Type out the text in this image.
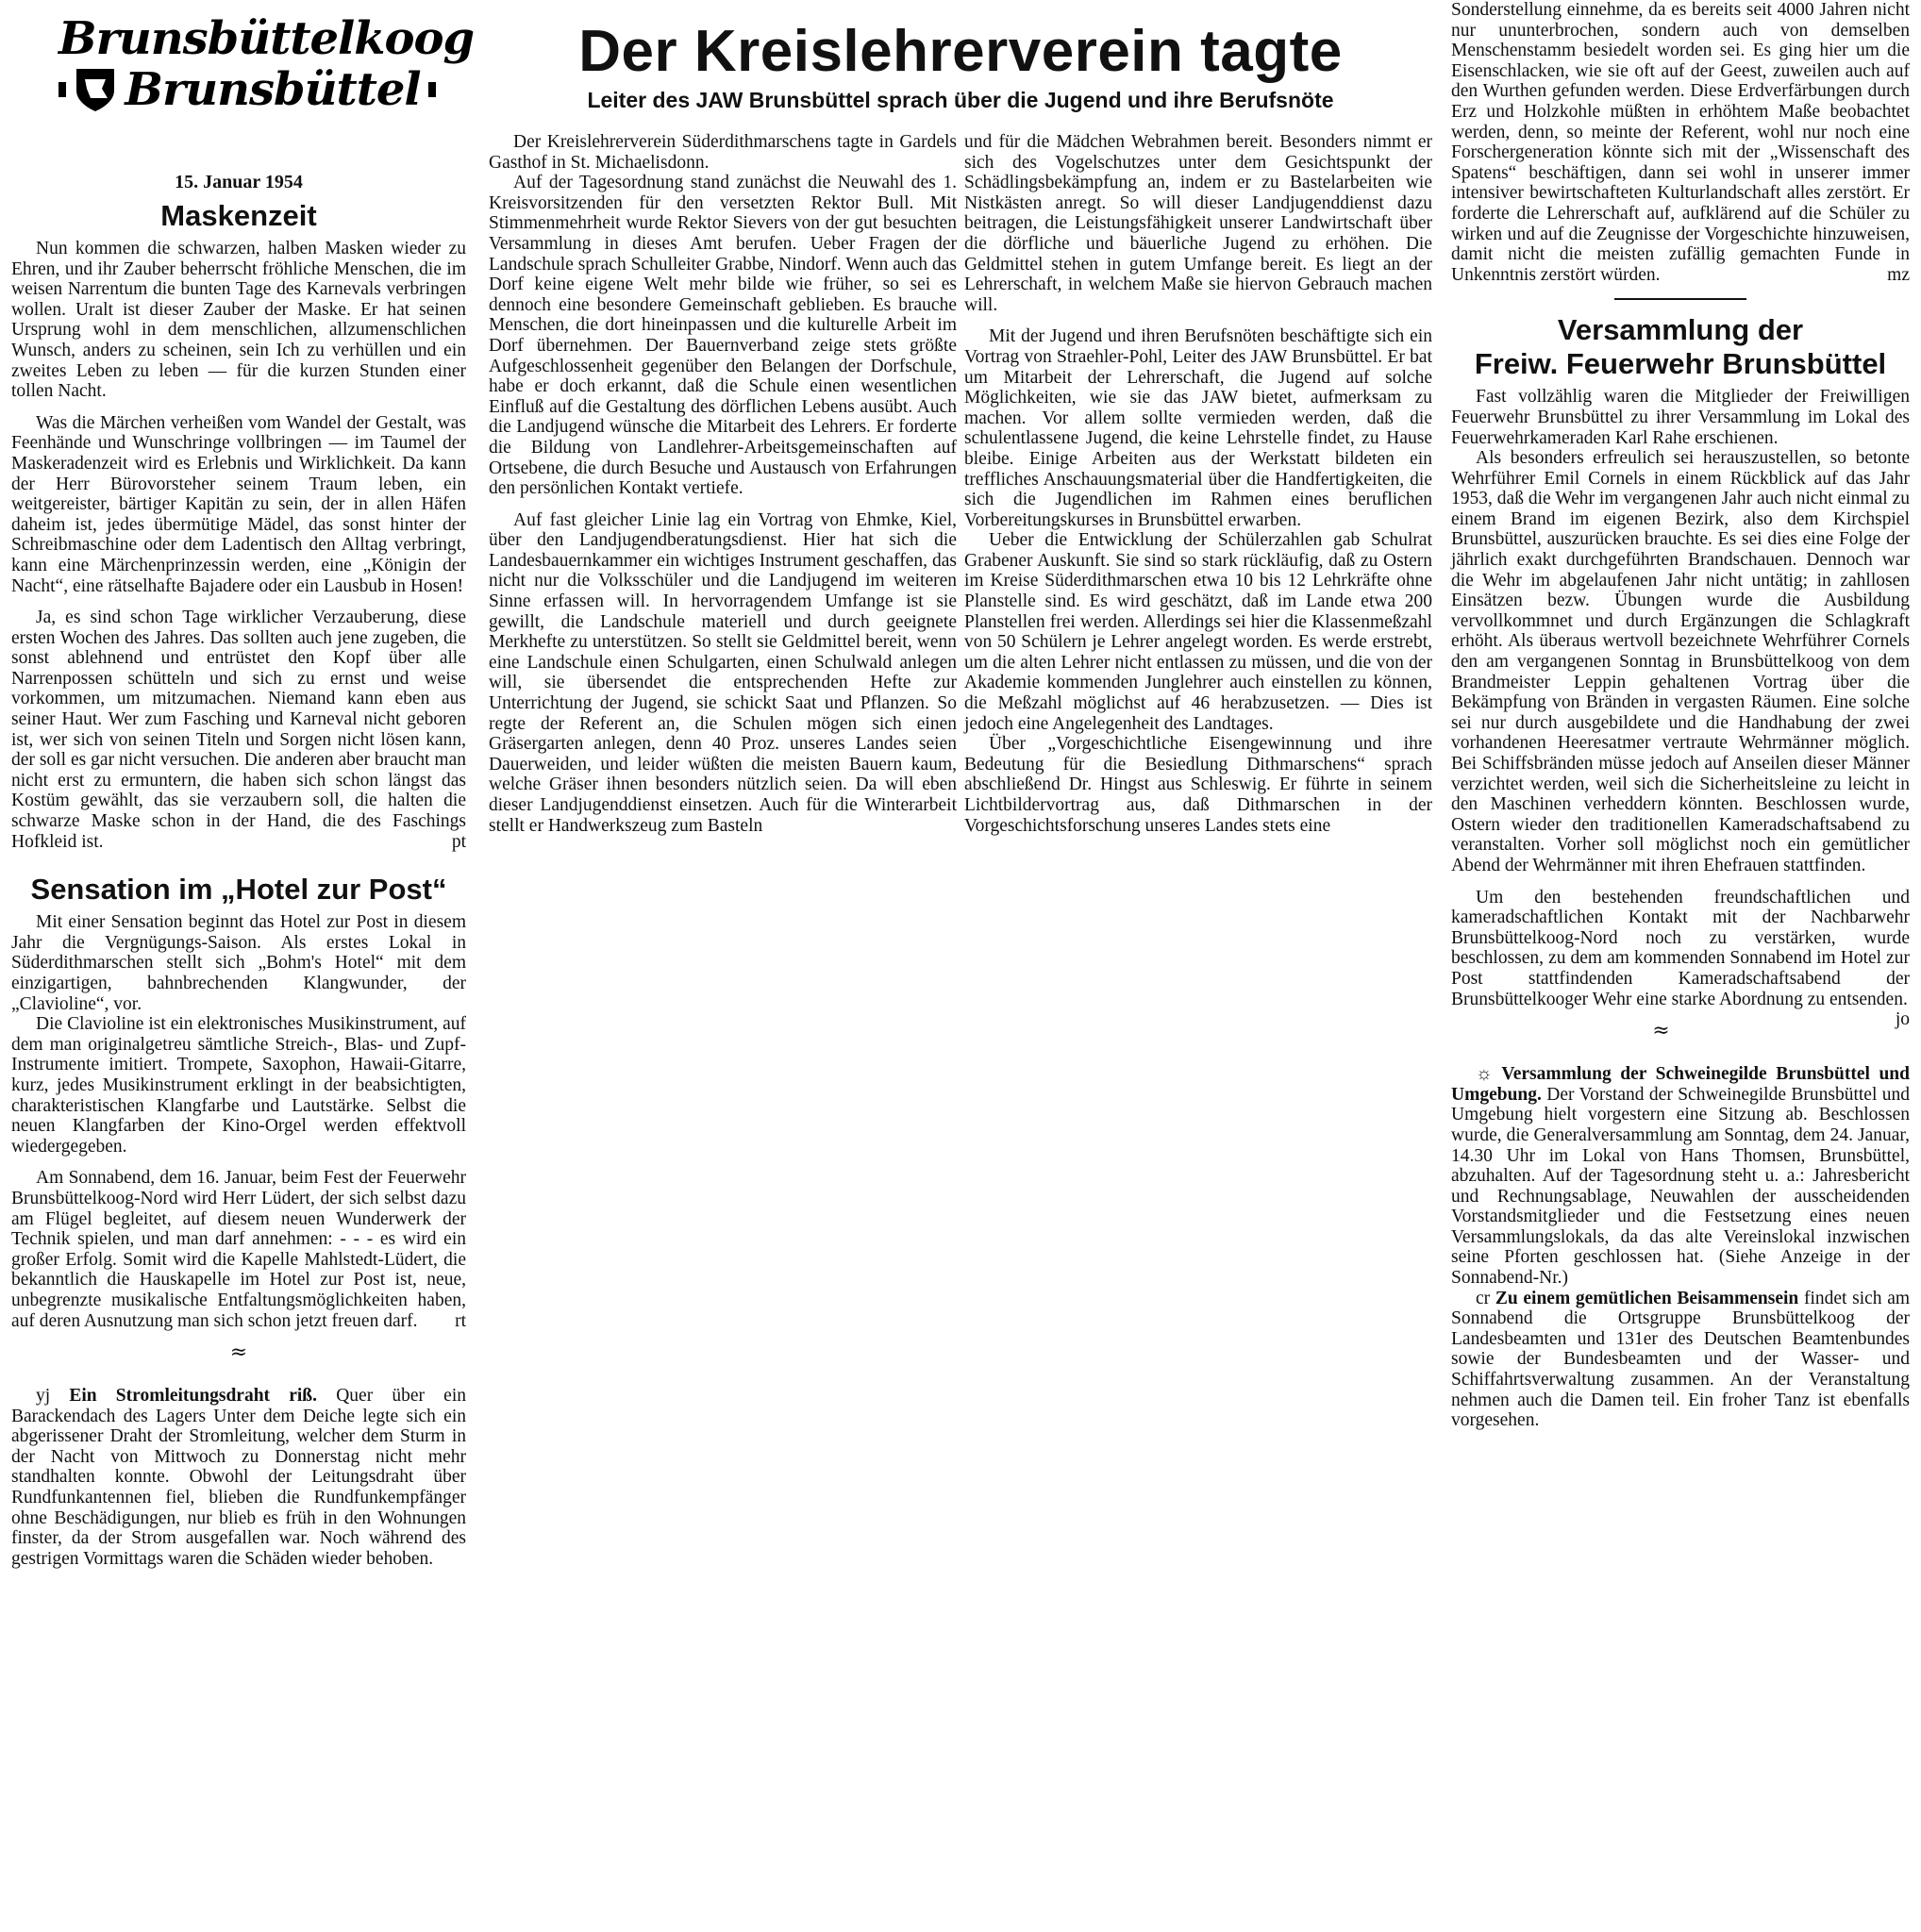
Brunsbüttelkoog
Brunsbüttel
15. Januar 1954
Maskenzeit

Nun kommen die schwarzen, halben Masken wieder zu Ehren, und ihr Zauber beherrscht fröhliche Menschen, die im weisen Narrentum die bunten Tage des Karnevals verbringen wollen. Uralt ist dieser Zauber der Maske. Er hat seinen Ursprung wohl in dem menschlichen, allzumenschlichen Wunsch, anders zu scheinen, sein Ich zu verhüllen und ein zweites Leben zu leben — für die kurzen Stunden einer tollen Nacht.

Was die Märchen verheißen vom Wandel der Gestalt, was Feenhände und Wunschringe vollbringen — im Taumel der Maskeradenzeit wird es Erlebnis und Wirklichkeit. Da kann der Herr Bürovorsteher seinem Traum leben, ein weitgereister, bärtiger Kapitän zu sein, der in allen Häfen daheim ist, jedes übermütige Mädel, das sonst hinter der Schreibmaschine oder dem Ladentisch den Alltag verbringt, kann eine Märchenprinzessin werden, eine „Königin der Nacht“, eine rätselhafte Bajadere oder ein Lausbub in Hosen!

Ja, es sind schon Tage wirklicher Verzauberung, diese ersten Wochen des Jahres. Das sollten auch jene zugeben, die sonst ablehnend und entrüstet den Kopf über alle Narrenpossen schütteln und sich zu ernst und weise vorkommen, um mitzumachen. Niemand kann eben aus seiner Haut. Wer zum Fasching und Karneval nicht geboren ist, wer sich von seinen Titeln und Sorgen nicht lösen kann, der soll es gar nicht versuchen. Die anderen aber braucht man nicht erst zu ermuntern, die haben sich schon längst das Kostüm gewählt, das sie verzaubern soll, die halten die schwarze Maske schon in der Hand, die des Faschings Hofkleid ist.	pt

Sensation im „Hotel zur Post“

Mit einer Sensation beginnt das Hotel zur Post in diesem Jahr die Vergnügungs-Saison. Als erstes Lokal in Süderdithmarschen stellt sich „Bohm's Hotel“ mit dem einzigartigen, bahnbrechenden Klangwunder, der „Clavioline“, vor.

Die Clavioline ist ein elektronisches Musikinstrument, auf dem man originalgetreu sämtliche Streich-, Blas- und Zupf-Instrumente imitiert. Trompete, Saxophon, Hawaii-Gitarre, kurz, jedes Musikinstrument erklingt in der beabsichtigten, charakteristischen Klangfarbe und Lautstärke. Selbst die neuen Klangfarben der Kino-Orgel werden effektvoll wiedergegeben.

Am Sonnabend, dem 16. Januar, beim Fest der Feuerwehr Brunsbüttelkoog-Nord wird Herr Lüdert, der sich selbst dazu am Flügel begleitet, auf diesem neuen Wunderwerk der Technik spielen, und man darf annehmen: - - - es wird ein großer Erfolg. Somit wird die Kapelle Mahlstedt-Lüdert, die bekanntlich die Hauskapelle im Hotel zur Post ist, neue, unbegrenzte musikalische Entfaltungsmöglichkeiten haben, auf deren Ausnutzung man sich schon jetzt freuen darf.	rt

≈

yj Ein Stromleitungsdraht riß. Quer über ein Barackendach des Lagers Unter dem Deiche legte sich ein abgerissener Draht der Stromleitung, welcher dem Sturm in der Nacht von Mittwoch zu Donnerstag nicht mehr standhalten konnte. Obwohl der Leitungsdraht über Rundfunkantennen fiel, blieben die Rundfunkempfänger ohne Beschädigungen, nur blieb es früh in den Wohnungen finster, da der Strom ausgefallen war. Noch während des gestrigen Vormittags waren die Schäden wieder behoben.

Der Kreislehrerverein tagte
Leiter des JAW Brunsbüttel sprach über die Jugend und ihre Berufsnöte

Der Kreislehrerverein Süderdithmarschens tagte in Gardels Gasthof in St. Michaelisdonn.

Auf der Tagesordnung stand zunächst die Neuwahl des 1. Kreisvorsitzenden für den versetzten Rektor Bull. Mit Stimmenmehrheit wurde Rektor Sievers von der gut besuchten Versammlung in dieses Amt berufen. Ueber Fragen der Landschule sprach Schulleiter Grabbe, Nindorf. Wenn auch das Dorf keine eigene Welt mehr bilde wie früher, so sei es dennoch eine besondere Gemeinschaft geblieben. Es brauche Menschen, die dort hineinpassen und die kulturelle Arbeit im Dorf übernehmen. Der Bauernverband zeige stets größte Aufgeschlossenheit gegenüber den Belangen der Dorfschule, habe er doch erkannt, daß die Schule einen wesentlichen Einfluß auf die Gestaltung des dörflichen Lebens ausübt. Auch die Landjugend wünsche die Mitarbeit des Lehrers. Er forderte die Bildung von Landlehrer-Arbeitsgemeinschaften auf Ortsebene, die durch Besuche und Austausch von Erfahrungen den persönlichen Kontakt vertiefe.

Auf fast gleicher Linie lag ein Vortrag von Ehmke, Kiel, über den Landjugendberatungsdienst. Hier hat sich die Landesbauernkammer ein wichtiges Instrument geschaffen, das nicht nur die Volksschüler und die Landjugend im weiteren Sinne erfassen will. In hervorragendem Umfange ist sie gewillt, die Landschule materiell und durch geeignete Merkhefte zu unterstützen. So stellt sie Geldmittel bereit, wenn eine Landschule einen Schulgarten, einen Schulwald anlegen will, sie übersendet die entsprechenden Hefte zur Unterrichtung der Jugend, sie schickt Saat und Pflanzen. So regte der Referent an, die Schulen mögen sich einen Gräsergarten anlegen, denn 40 Proz. unseres Landes seien Dauerweiden, und leider wüßten die meisten Bauern kaum, welche Gräser ihnen besonders nützlich seien. Da will eben dieser Landjugenddienst einsetzen. Auch für die Winterarbeit stellt er Handwerkszeug zum Basteln

und für die Mädchen Webrahmen bereit. Besonders nimmt er sich des Vogelschutzes unter dem Gesichtspunkt der Schädlingsbekämpfung an, indem er zu Bastelarbeiten wie Nistkästen anregt. So will dieser Landjugenddienst dazu beitragen, die Leistungsfähigkeit unserer Landwirtschaft über die dörfliche und bäuerliche Jugend zu erhöhen. Die Geldmittel stehen in gutem Umfange bereit. Es liegt an der Lehrerschaft, in welchem Maße sie hiervon Gebrauch machen will.

Mit der Jugend und ihren Berufsnöten beschäftigte sich ein Vortrag von Straehler-Pohl, Leiter des JAW Brunsbüttel. Er bat um Mitarbeit der Lehrerschaft, die Jugend auf solche Möglichkeiten, wie sie das JAW bietet, aufmerksam zu machen. Vor allem sollte vermieden werden, daß die schulentlassene Jugend, die keine Lehrstelle findet, zu Hause bleibe. Einige Arbeiten aus der Werkstatt bildeten ein treffliches Anschauungsmaterial über die Handfertigkeiten, die sich die Jugendlichen im Rahmen eines beruflichen Vorbereitungskurses in Brunsbüttel erwarben.

Ueber die Entwicklung der Schülerzahlen gab Schulrat Grabener Auskunft. Sie sind so stark rückläufig, daß zu Ostern im Kreise Süderdithmarschen etwa 10 bis 12 Lehrkräfte ohne Planstelle sind. Es wird geschätzt, daß im Lande etwa 200 Planstellen frei werden. Allerdings sei hier die Klassenmeßzahl von 50 Schülern je Lehrer angelegt worden. Es werde erstrebt, um die alten Lehrer nicht entlassen zu müssen, und die von der Akademie kommenden Junglehrer auch einstellen zu können, die Meßzahl möglichst auf 46 herabzusetzen. — Dies ist jedoch eine Angelegenheit des Landtages.

Über „Vorgeschichtliche Eisengewinnung und ihre Bedeutung für die Besiedlung Dithmarschens“ sprach abschließend Dr. Hingst aus Schleswig. Er führte in seinem Lichtbildervortrag aus, daß Dithmarschen in der Vorgeschichtsforschung unseres Landes stets eine

Sonderstellung einnehme, da es bereits seit 4000 Jahren nicht nur ununterbrochen, sondern auch von demselben Menschenstamm besiedelt worden sei. Es ging hier um die Eisenschlacken, wie sie oft auf der Geest, zuweilen auch auf den Wurthen gefunden werden. Diese Erdverfärbungen durch Erz und Holzkohle müßten in erhöhtem Maße beobachtet werden, denn, so meinte der Referent, wohl nur noch eine Forschergeneration könnte sich mit der „Wissenschaft des Spatens“ beschäftigen, dann sei wohl in unserer immer intensiver bewirtschafteten Kulturlandschaft alles zerstört. Er forderte die Lehrerschaft auf, aufklärend auf die Schüler zu wirken und auf die Zeugnisse der Vorgeschichte hinzuweisen, damit nicht die meisten zufällig gemachten Funde in Unkenntnis zerstört würden.	mz

Versammlung der
Freiw. Feuerwehr Brunsbüttel

Fast vollzählig waren die Mitglieder der Freiwilligen Feuerwehr Brunsbüttel zu ihrer Versammlung im Lokal des Feuerwehrkameraden Karl Rahe erschienen.

Als besonders erfreulich sei herauszustellen, so betonte Wehrführer Emil Cornels in einem Rückblick auf das Jahr 1953, daß die Wehr im vergangenen Jahr auch nicht einmal zu einem Brand im eigenen Bezirk, also dem Kirchspiel Brunsbüttel, auszurücken brauchte. Es sei dies eine Folge der jährlich exakt durchgeführten Brandschauen. Dennoch war die Wehr im abgelaufenen Jahr nicht untätig; in zahllosen Einsätzen bezw. Übungen wurde die Ausbildung vervollkommnet und durch Ergänzungen die Schlagkraft erhöht. Als überaus wertvoll bezeichnete Wehrführer Cornels den am vergangenen Sonntag in Brunsbüttelkoog von dem Brandmeister Leppin gehaltenen Vortrag über die Bekämpfung von Bränden in vergasten Räumen. Eine solche sei nur durch ausgebildete und die Handhabung der zwei vorhandenen Heeresatmer vertraute Wehrmänner möglich. Bei Schiffsbränden müsse jedoch auf Anseilen dieser Männer verzichtet werden, weil sich die Sicherheitsleine zu leicht in den Maschinen verheddern könnten. Beschlossen wurde, Ostern wieder den traditionellen Kameradschaftsabend zu veranstalten. Vorher soll möglichst noch ein gemütlicher Abend der Wehrmänner mit ihren Ehefrauen stattfinden.

Um den bestehenden freundschaftlichen und kameradschaftlichen Kontakt mit der Nachbarwehr Brunsbüttelkoog-Nord noch zu verstärken, wurde beschlossen, zu dem am kommenden Sonnabend im Hotel zur Post stattfindenden Kameradschaftsabend der Brunsbüttelkooger Wehr eine starke Abordnung zu entsenden.
jo

≈

☼ Versammlung der Schweinegilde Brunsbüttel und Umgebung. Der Vorstand der Schweinegilde Brunsbüttel und Umgebung hielt vorgestern eine Sitzung ab. Beschlossen wurde, die Generalversammlung am Sonntag, dem 24. Januar, 14.30 Uhr im Lokal von Hans Thomsen, Brunsbüttel, abzuhalten. Auf der Tagesordnung steht u. a.: Jahresbericht und Rechnungsablage, Neuwahlen der ausscheidenden Vorstandsmitglieder und die Festsetzung eines neuen Versammlungslokals, da das alte Vereinslokal inzwischen seine Pforten geschlossen hat. (Siehe Anzeige in der Sonnabend-Nr.)

cr Zu einem gemütlichen Beisammensein findet sich am Sonnabend die Ortsgruppe Brunsbüttelkoog der Landesbeamten und 131er des Deutschen Beamtenbundes sowie der Bundesbeamten und der Wasser- und Schiffahrtsverwaltung zusammen. An der Veranstaltung nehmen auch die Damen teil. Ein froher Tanz ist ebenfalls vorgesehen.
